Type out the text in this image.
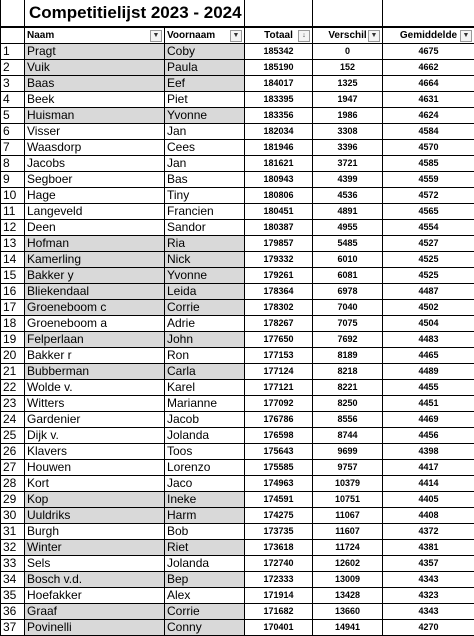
	Competitielijst 2023 - 2024				
	Naam ▼	Voornaam ▼	Totaal ↓	Verschil ▼	Gemiddelde ▼

1	Pragt	Coby	185342	0	4675
2	Vuik	Paula	185190	152	4662
3	Baas	Eef	184017	1325	4664
4	Beek	Piet	183395	1947	4631
5	Huisman	Yvonne	183356	1986	4624
6	Visser	Jan	182034	3308	4584
7	Waasdorp	Cees	181946	3396	4570
8	Jacobs	Jan	181621	3721	4585
9	Segboer	Bas	180943	4399	4559
10	Hage	Tiny	180806	4536	4572
11	Langeveld	Francien	180451	4891	4565
12	Deen	Sandor	180387	4955	4554
13	Hofman	Ria	179857	5485	4527
14	Kamerling	Nick	179332	6010	4525
15	Bakker y	Yvonne	179261	6081	4525
16	Bliekendaal	Leida	178364	6978	4487
17	Groeneboom c	Corrie	178302	7040	4502
18	Groeneboom a	Adrie	178267	7075	4504
19	Felperlaan	John	177650	7692	4483
20	Bakker r	Ron	177153	8189	4465
21	Bubberman	Carla	177124	8218	4489
22	Wolde v.	Karel	177121	8221	4455
23	Witters	Marianne	177092	8250	4451
24	Gardenier	Jacob	176786	8556	4469
25	Dijk v.	Jolanda	176598	8744	4456
26	Klavers	Toos	175643	9699	4398
27	Houwen	Lorenzo	175585	9757	4417
28	Kort	Jaco	174963	10379	4414
29	Kop	Ineke	174591	10751	4405
30	Uuldriks	Harm	174275	11067	4408
31	Burgh	Bob	173735	11607	4372
32	Winter	Riet	173618	11724	4381
33	Sels	Jolanda	172740	12602	4357
34	Bosch v.d.	Bep	172333	13009	4343
35	Hoefakker	Alex	171914	13428	4323
36	Graaf	Corrie	171682	13660	4343
37	Povinelli	Conny	170401	14941	4270
